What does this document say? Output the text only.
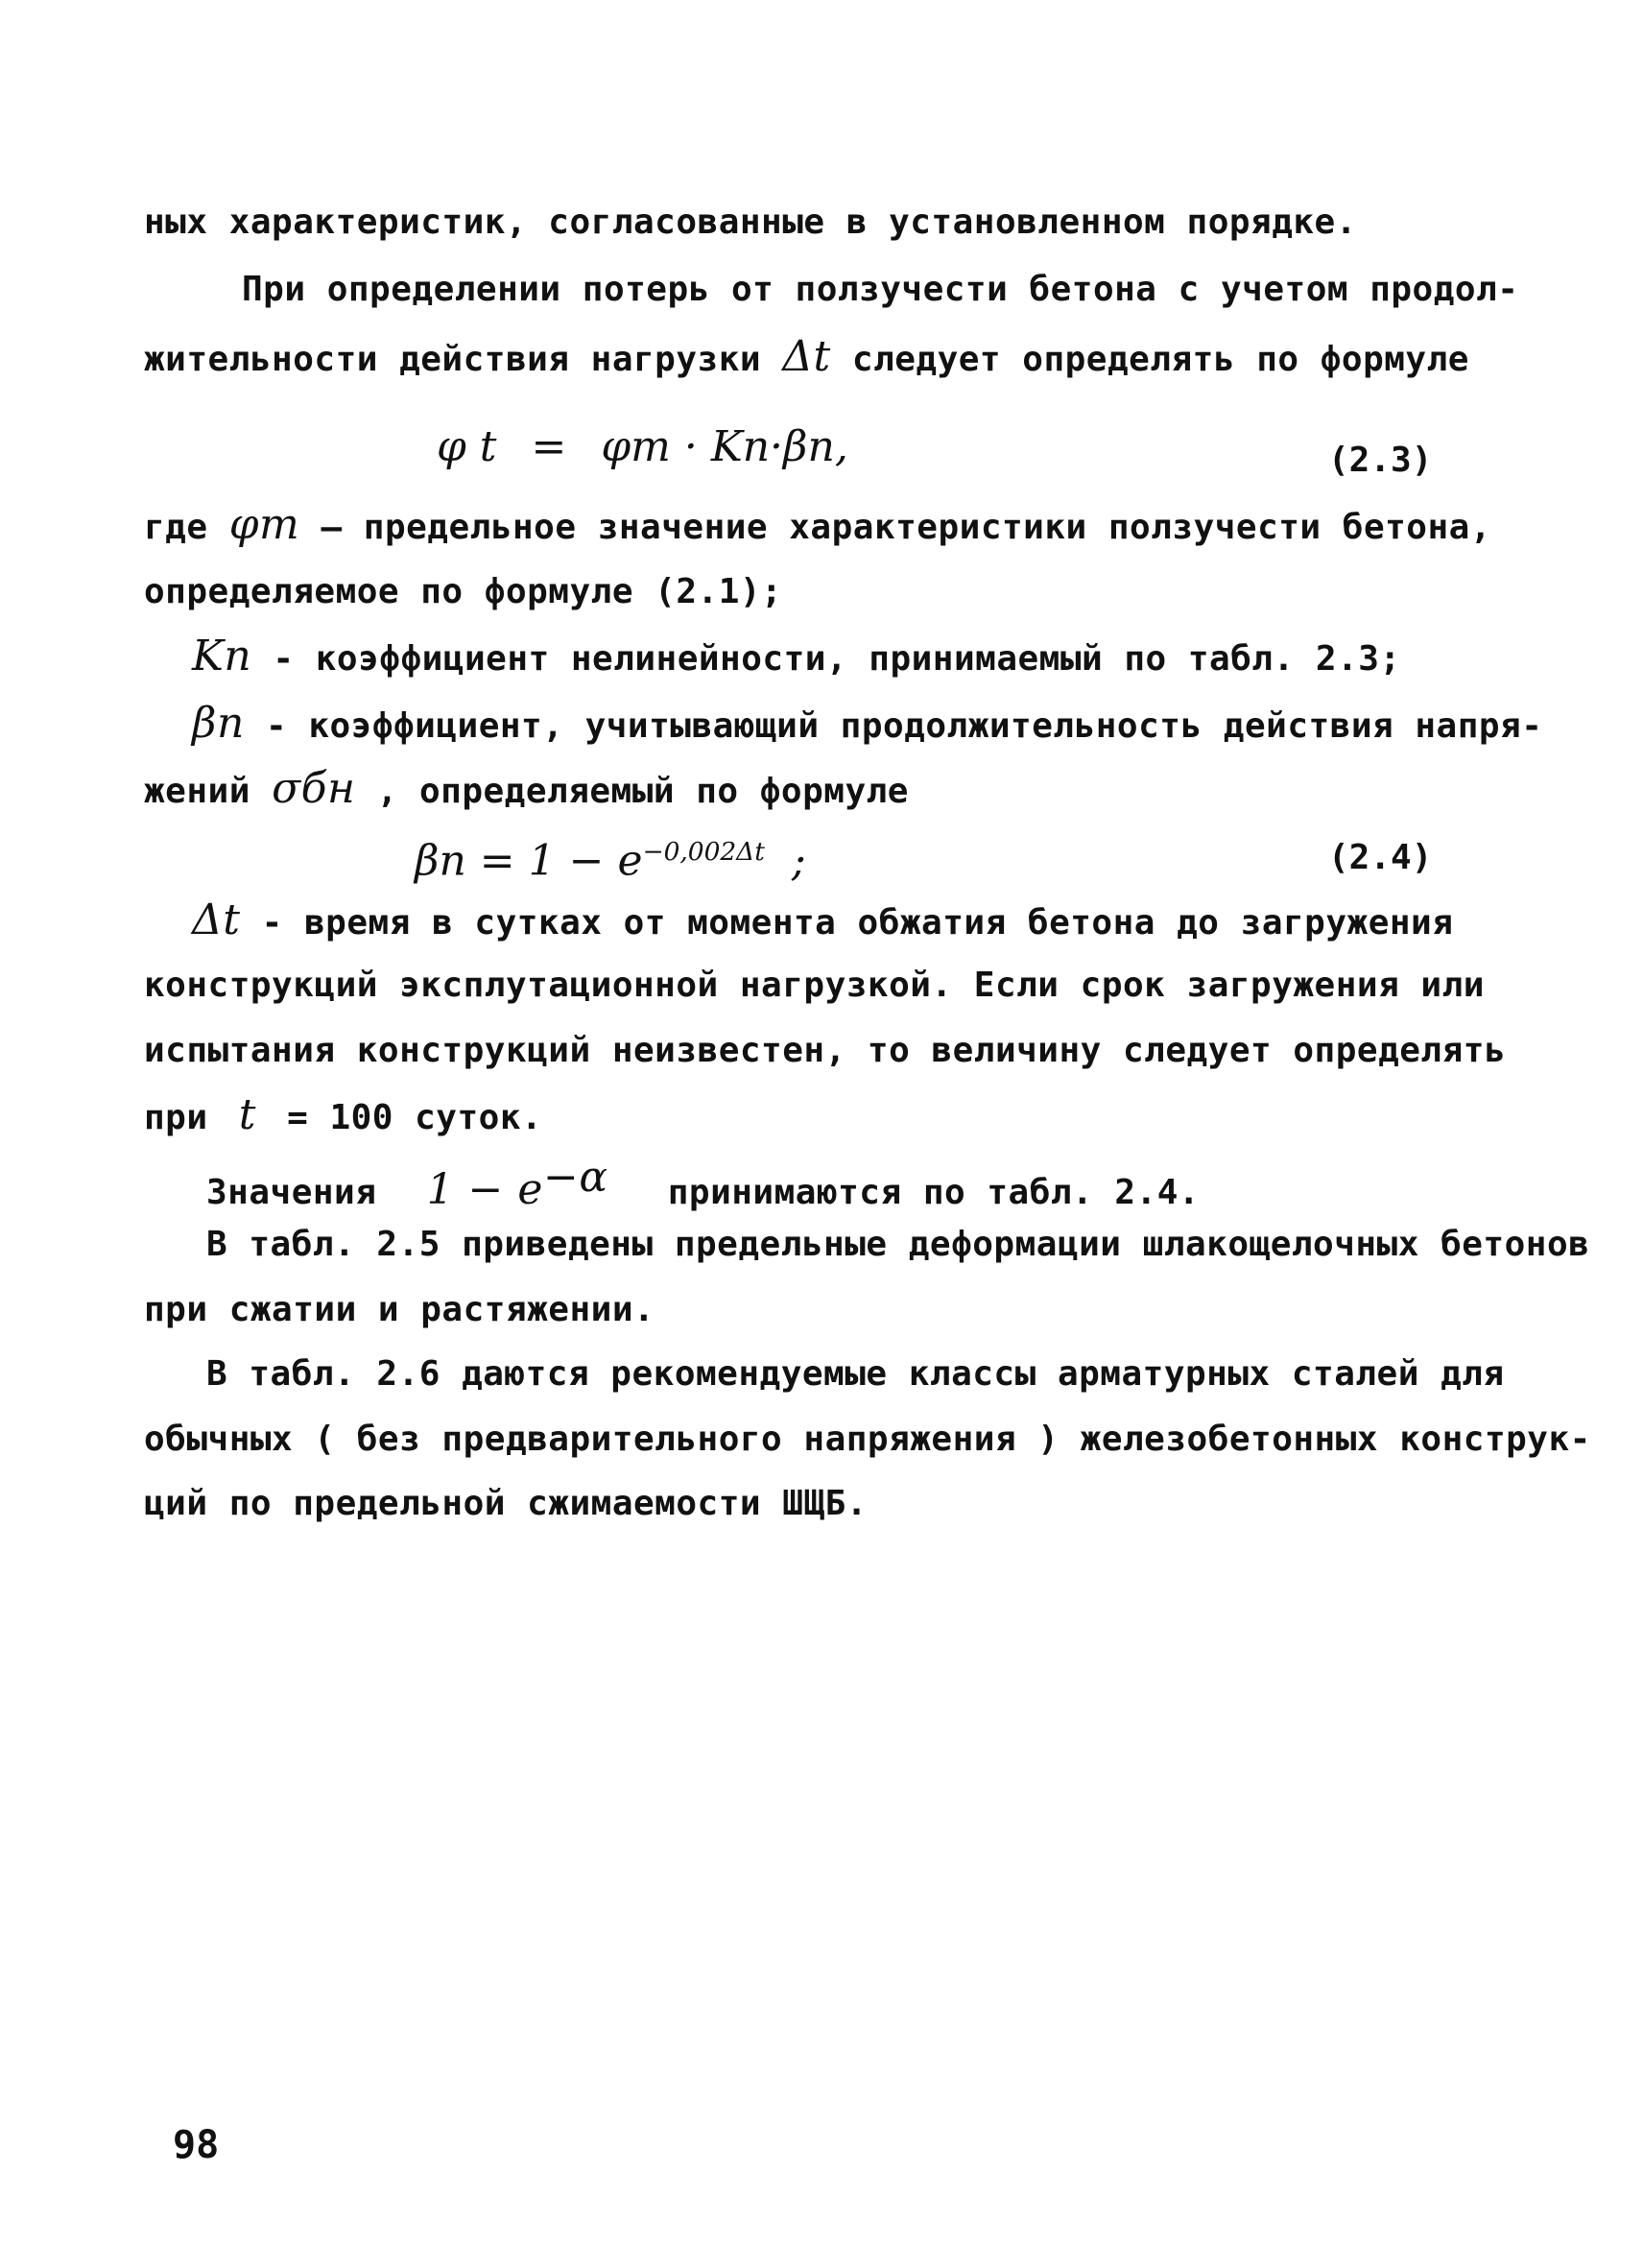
ных характеристик, согласованные в установленном порядке.
При определении потерь от ползучести бетона с учетом продол-
жительности действия нагрузки Δt следует определять по формуле
φ t = φm · Kn·βn,	(2.3)
где φm — предельное значение характеристики ползучести бетона,
определяемое по формуле (2.1);
Kn - коэффициент нелинейности, принимаемый по табл. 2.3;
βn - коэффициент, учитывающий продолжительность действия напря-
жений σбн , определяемый по формуле
$\beta n = 1 - e^{-0,002\Delta t}$ ;	(2.4)
Δt - время в сутках от момента обжатия бетона до загружения
конструкций эксплутационной нагрузкой. Если срок загружения или
испытания конструкций неизвестен, то величину следует определять
при t = 100 суток.
Значения $1 - e^{-\alpha}$ принимаются по табл. 2.4.
В табл. 2.5 приведены предельные деформации шлакощелочных бетонов
при сжатии и растяжении.
В табл. 2.6 даются рекомендуемые классы арматурных сталей для
обычных ( без предварительного напряжения ) железобетонных конструк-
ций по предельной сжимаемости ШЩБ.
98
